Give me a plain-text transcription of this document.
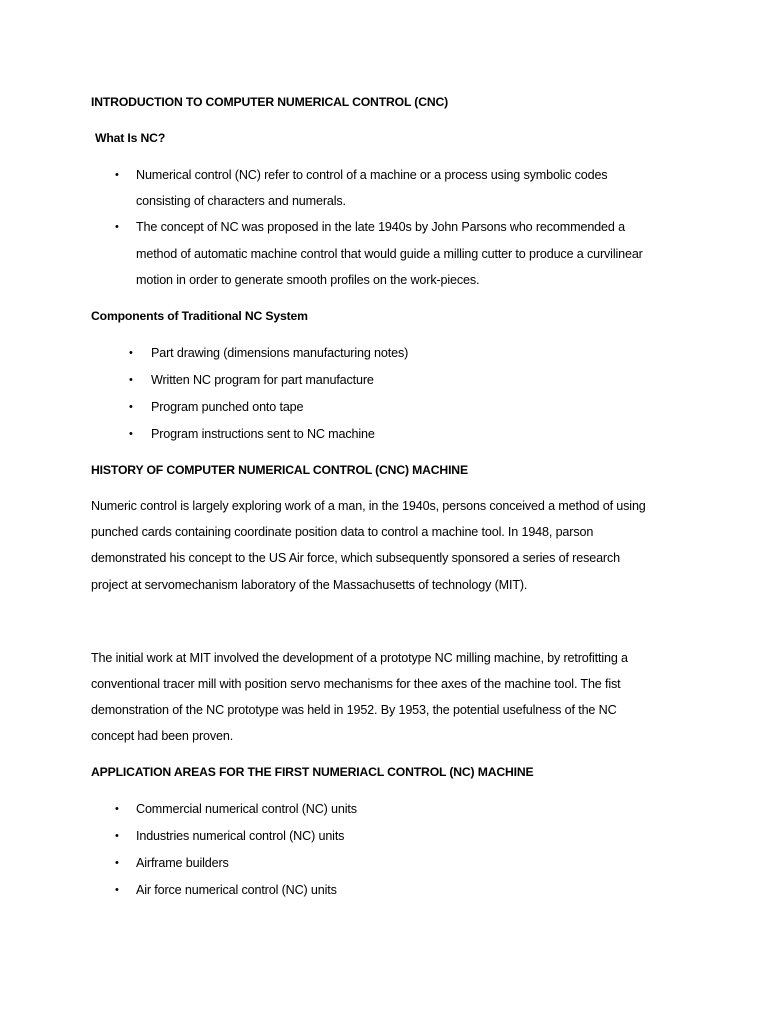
INTRODUCTION TO COMPUTER NUMERICAL CONTROL (CNC)
What Is NC?
• Numerical control (NC) refer to control of a machine or a process using symbolic codes
consisting of characters and numerals.
• The concept of NC was proposed in the late 1940s by John Parsons who recommended a
method of automatic machine control that would guide a milling cutter to produce a curvilinear
motion in order to generate smooth profiles on the work-pieces.
Components of Traditional NC System
• Part drawing (dimensions manufacturing notes)
• Written NC program for part manufacture
• Program punched onto tape
• Program instructions sent to NC machine
HISTORY OF COMPUTER NUMERICAL CONTROL (CNC) MACHINE
Numeric control is largely exploring work of a man, in the 1940s, persons conceived a method of using
punched cards containing coordinate position data to control a machine tool. In 1948, parson
demonstrated his concept to the US Air force, which subsequently sponsored a series of research
project at servomechanism laboratory of the Massachusetts of technology (MIT).
The initial work at MIT involved the development of a prototype NC milling machine, by retrofitting a
conventional tracer mill with position servo mechanisms for thee axes of the machine tool. The fist
demonstration of the NC prototype was held in 1952. By 1953, the potential usefulness of the NC
concept had been proven.
APPLICATION AREAS FOR THE FIRST NUMERIACL CONTROL (NC) MACHINE
• Commercial numerical control (NC) units
• Industries numerical control (NC) units
• Airframe builders
• Air force numerical control (NC) units
